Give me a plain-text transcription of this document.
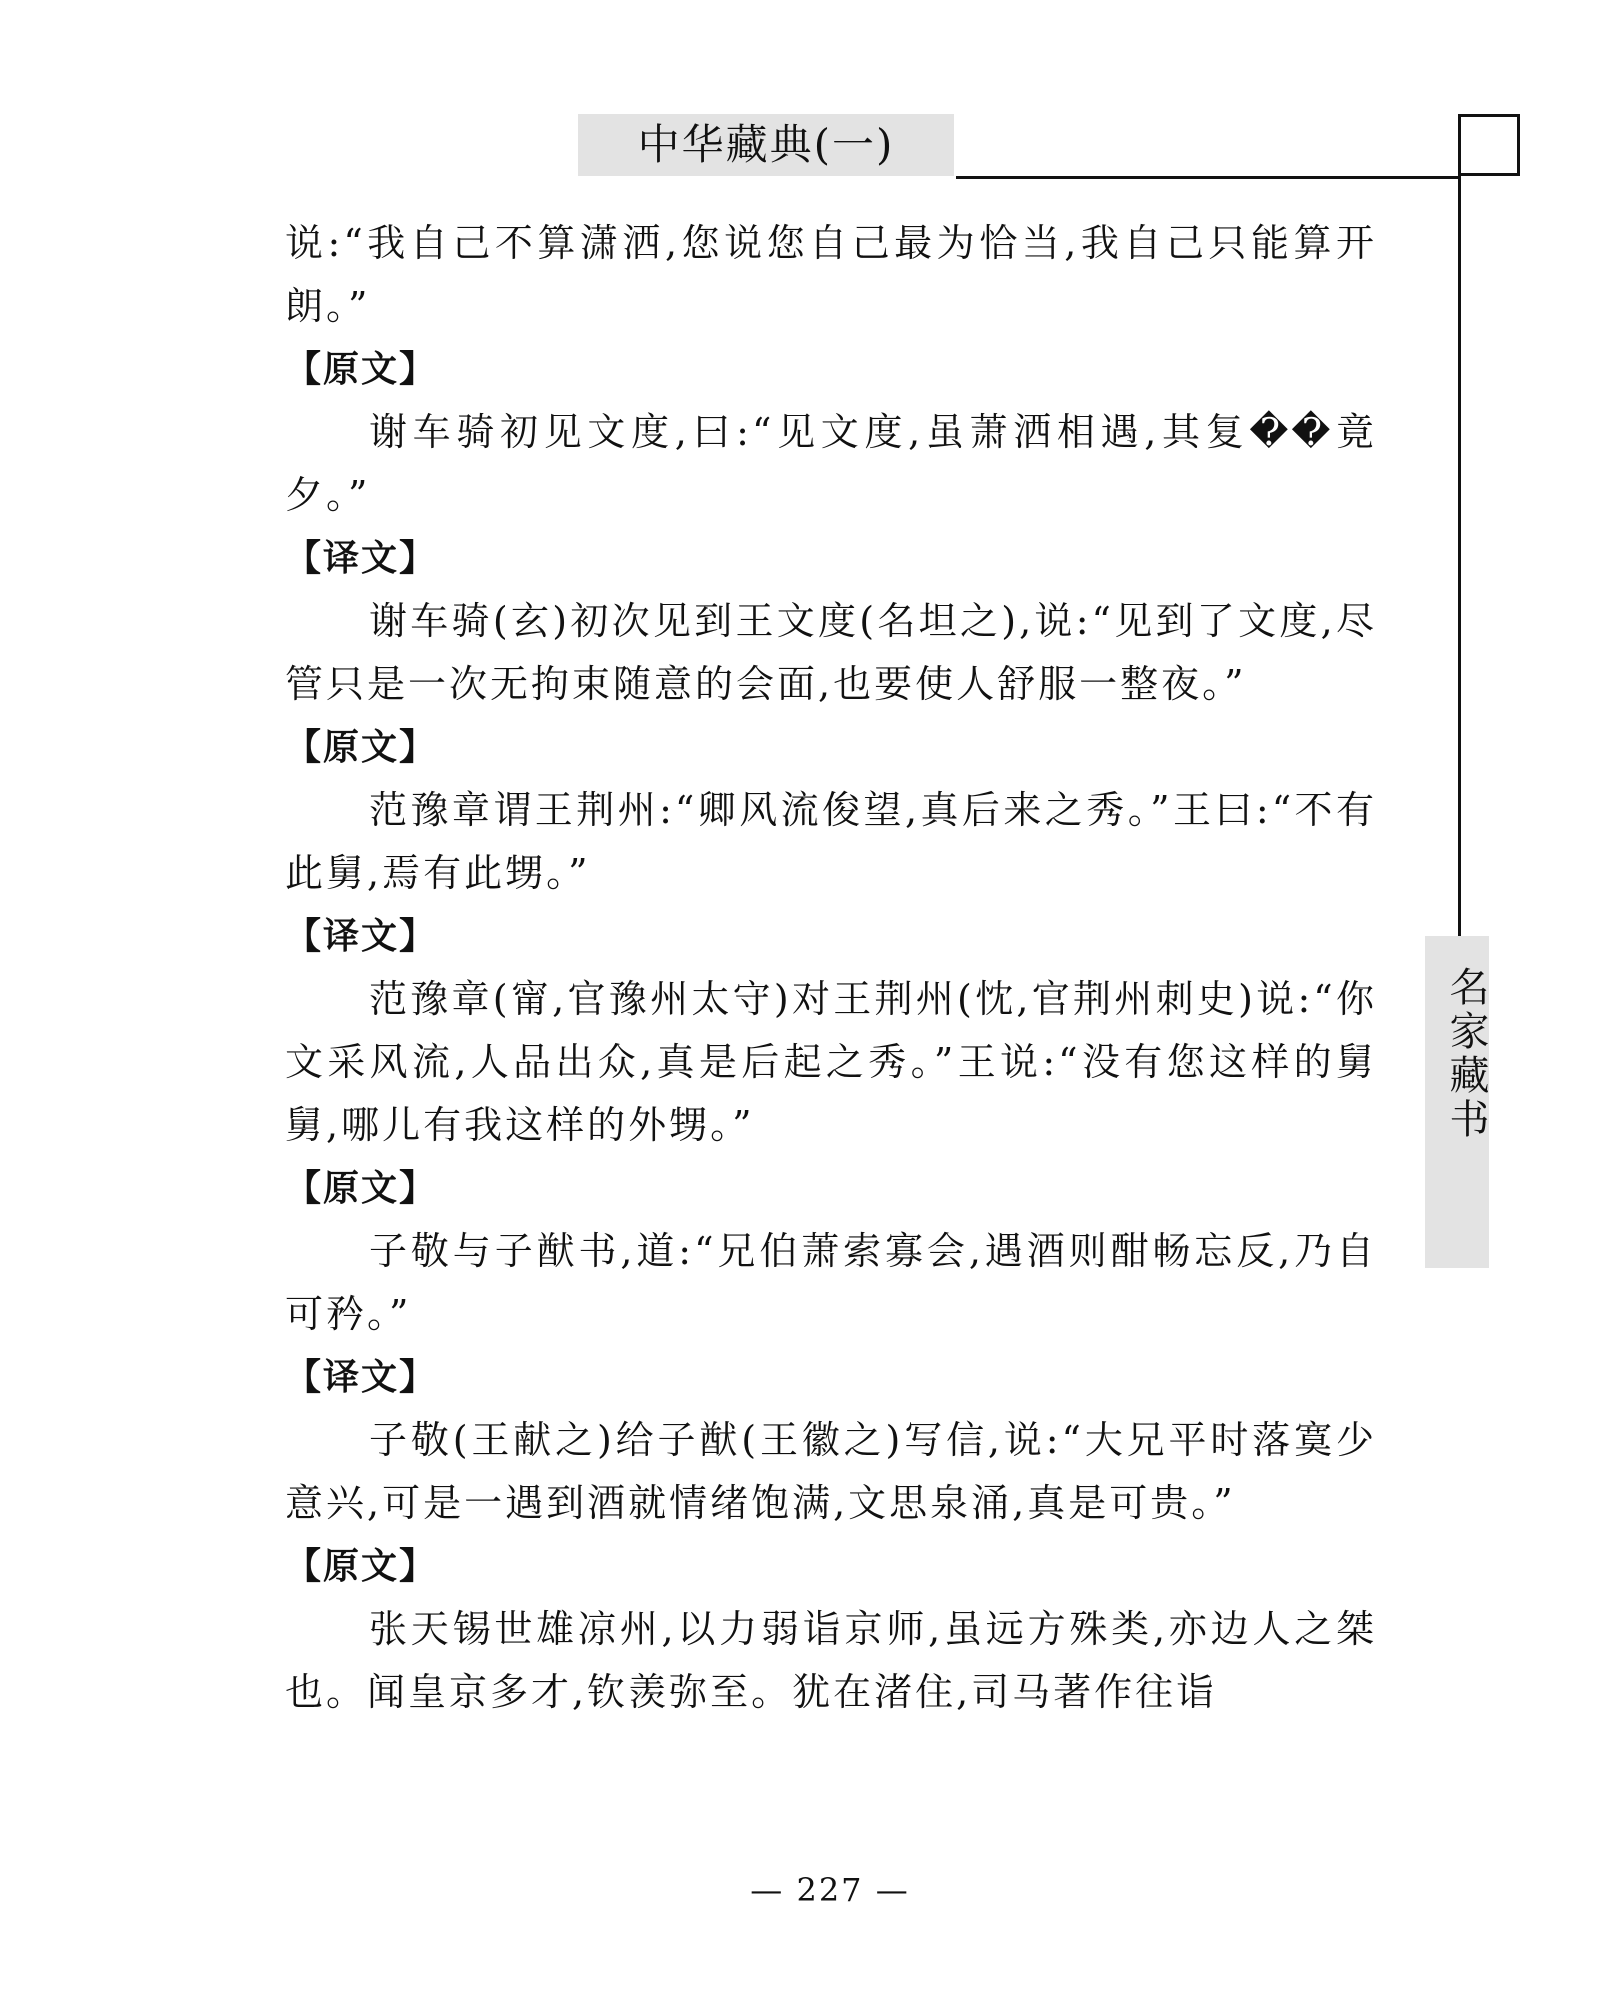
中华藏典(一)
名家藏书

说:“我自己不算潇洒,您说您自己最为恰当,我自己只能算开朗。”

【原文】

谢车骑初见文度,曰:“见文度,虽萧洒相遇,其复��竟夕。”

【译文】

谢车骑(玄)初次见到王文度(名坦之),说:“见到了文度,尽管只是一次无拘束随意的会面,也要使人舒服一整夜。”

【原文】

范豫章谓王荆州:“卿风流俊望,真后来之秀。”王曰:“不有此舅,焉有此甥。”

【译文】

范豫章(甯,官豫州太守)对王荆州(忱,官荆州刺史)说:“你文采风流,人品出众,真是后起之秀。”王说:“没有您这样的舅舅,哪儿有我这样的外甥。”

【原文】

子敬与子猷书,道:“兄伯萧索寡会,遇酒则酣畅忘反,乃自可矜。”

【译文】

子敬(王献之)给子猷(王徽之)写信,说:“大兄平时落寞少意兴,可是一遇到酒就情绪饱满,文思泉涌,真是可贵。”

【原文】

张天锡世雄凉州,以力弱诣京师,虽远方殊类,亦边人之桀也。闻皇京多才,钦羡弥至。犹在渚住,司马著作往诣

— 227 —
